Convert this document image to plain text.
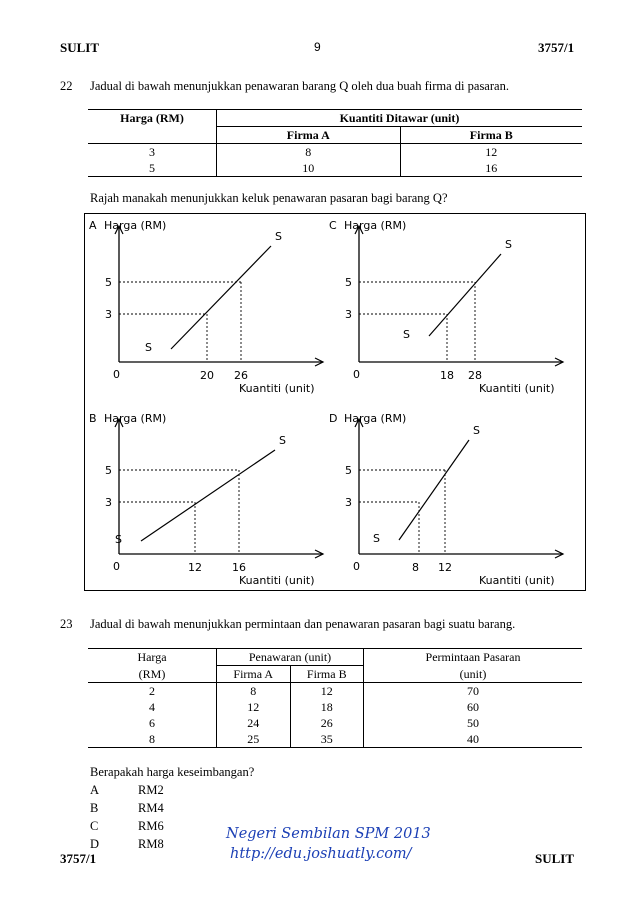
SULIT	9	3757/1
22 Jadual di bawah menunjukkan penawaran barang Q oleh dua buah firma di pasaran.
Harga (RM)	Kuantiti Ditawar (unit)	
	Firma A	Firma B
3	8	12
5	10	16
Rajah manakah menunjukkan keluk penawaran pasaran bagi barang Q?
3
20
5
26
A Harga (RM)
0
Kuantiti (unit)
S
S
3
18
5
28
C Harga (RM)
0
Kuantiti (unit)
S
S
3
12
5
16
B Harga (RM)
0
Kuantiti (unit)
S
S
3
8
5
12
D Harga (RM)
0
Kuantiti (unit)
S
S
23 Jadual di bawah menunjukkan permintaan dan penawaran pasaran bagi suatu barang.
Harga	Penawaran (unit)		Permintaan Pasaran
(RM)	Firma A	Firma B	(unit)
2	8	12	70
4	12	18	60
6	24	26	50
8	25	35	40
Berapakah harga keseimbangan?
A	RM2
B	RM4
C	RM6
D	RM8
Negeri Sembilan SPM 2013
http://edu.joshuatly.com/
3757/1	SULIT
